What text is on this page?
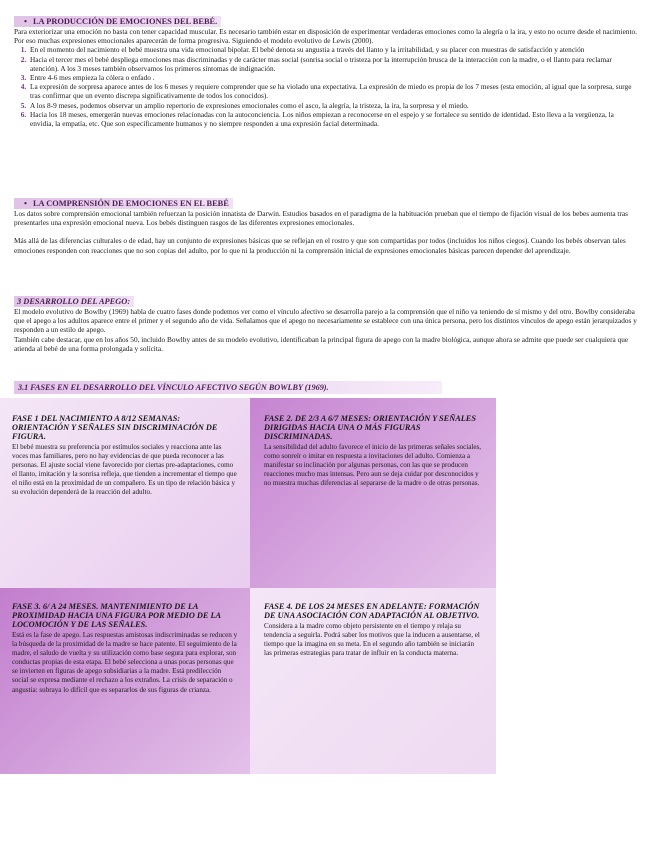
• LA PRODUCCIÓN DE EMOCIONES DEL BEBÉ.

Para exteriorizar una emoción no basta con tener capacidad muscular. Es necesario también estar en disposición de experimentar verdaderas emociones como la alegría o la ira, y esto no ocurre desde el nacimiento. Por eso muchas expresiones emocionales aparecerán de forma progresiva. Siguiendo el modelo evolutivo de Lewis (2000).

1. En el momento del nacimiento el bebé muestra una vida emocional bipolar. El bebé denota su angustia a través del llanto y la irritabilidad, y su placer con muestras de satisfacción y atención
2. Hacia el tercer mes el bebé despliega emociones mas discriminadas y de carácter mas social (sonrisa social o tristeza por la interrupción brusca de la interacción con la madre, o el llanto para reclamar atención). A los 3 meses también observamos los primeros síntomas de indignación.
3. Entre 4-6 mes empieza la cólera o enfado .
4. La expresión de sorpresa aparece antes de los 6 meses y requiere comprender que se ha violado una expectativa. La expresión de miedo es propia de los 7 meses (esta emoción, al igual que la sorpresa, surge tras confirmar que un evento discrepa significativamente de todos los conocidos).
5. A los 8-9 meses, podemos observar un amplio repertorio de expresiones emocionales como el asco, la alegría, la tristeza, la ira, la sorpresa y el miedo.
6. Hacia los 18 meses, emergerán nuevas emociones relacionadas con la autoconciencia. Los niños empiezan a reconocerse en el espejo y se fortalece su sentido de identidad. Esto lleva a la vergüenza, la envidia, la empatía, etc. Que son específicamente humanos y no siempre responden a una expresión facial determinada.
• LA COMPRENSIÓN DE EMOCIONES EN EL BEBÉ

Los datos sobre comprensión emocional también refuerzan la posición innatista de Darwin. Estudios basados en el paradigma de la habituación prueban que el tiempo de fijación visual de los bebes aumenta tras presentarles una expresión emocional nueva. Los bebés distinguen rasgos de las diferentes expresiones emocionales.

Más allá de las diferencias culturales o de edad, hay un conjunto de expresiones básicas que se reflejan en el rostro y que son compartidas por todos (incluidos los niños ciegos). Cuando los bebés observan tales emociones responden con reacciones que no son copias del adulto, por lo que ni la producción ni la comprensión inicial de expresiones emocionales básicas parecen depender del aprendizaje.

3 DESARROLLO DEL APEGO:

El modelo evolutivo de Bowlby (1969) habla de cuatro fases donde podemos ver como el vínculo afectivo se desarrolla parejo a la comprensión que el niño va teniendo de sí mismo y del otro. Bowlby consideraba que el apego a los adultos aparece entre el primer y el segundo año de vida. Señalamos que el apego no necesariamente se establece con una única persona, pero los distintos vínculos de apego están jerarquizados y responden a un estilo de apego.

También cabe destacar, que en los años 50, incluido Bowlby antes de su modelo evolutivo, identificaban la principal figura de apego con la madre biológica, aunque ahora se admite que puede ser cualquiera que atienda al bebé de una forma prolongada y solícita.

3.1 FASES EN EL DESARROLLO DEL VÍNCULO AFECTIVO SEGÚN BOWLBY (1969).
FASE 1 DEL NACIMIENTO A 8/12 SEMANAS: ORIENTACIÓN Y SEÑALES SIN DISCRIMINACIÓN DE FIGURA.

El bebé muestra su preferencia por estímulos sociales y reacciona ante las voces mas familiares, pero no hay evidencias de que pueda reconocer a las personas. El ajuste social viene favorecido por ciertas pre-adaptaciones, como el llanto, imitación y la sonrisa refleja, que tienden a incrementar el tiempo que el niño está en la proximidad de un compañero. Es un tipo de relación básica y su evolución dependerá de la reacción del adulto.

FASE 2. DE 2/3 A 6/7 MESES: ORIENTACIÓN Y SEÑALES DIRIGIDAS HACIA UNA O MÁS FIGURAS DISCRIMINADAS.

La sensibilidad del adulto favorece el inicio de las primeras señales sociales, como sonreír o imitar en respuesta a invitaciones del adulto. Comienza a manifestar su inclinación por algunas personas, con las que se producen reacciones mucho mas intensas. Pero aun se deja cuidar por desconocidos y no muestra muchas diferencias al separarse de la madre o de otras personas.

FASE 3. 6/ A 24 MESES. MANTENIMIENTO DE LA PROXIMIDAD HACIA UNA FIGURA POR MEDIO DE LA LOCOMOCIÓN Y DE LAS SEÑALES.

Está es la fase de apego. Las respuestas amistosas indiscriminadas se reducen y la búsqueda de la proximidad de la madre se hace patente. El seguimiento de la madre, el saludo de vuelta y su utilización como base segura para explorar, son conductas propias de esta etapa. El bebé selecciona a unas pocas personas que se invierten en figuras de apego subsidiarias a la madre. Está predilección social se expresa mediante el rechazo a los extraños. La crisis de separación o angustia: subraya lo difícil que es separarlos de sus figuras de crianza.

FASE 4. DE LOS 24 MESES EN ADELANTE: FORMACIÓN DE UNA ASOCIACIÓN CON ADAPTACIÓN AL OBJETIVO.

Considera a la madre como objeto persistente en el tiempo y relaja su tendencia a seguirla. Podrá saber los motivos que la inducen a ausentarse, el tiempo que la imagina en su meta. En el segundo año también se iniciarán las primeras estrategias para tratar de influir en la conducta materna.
